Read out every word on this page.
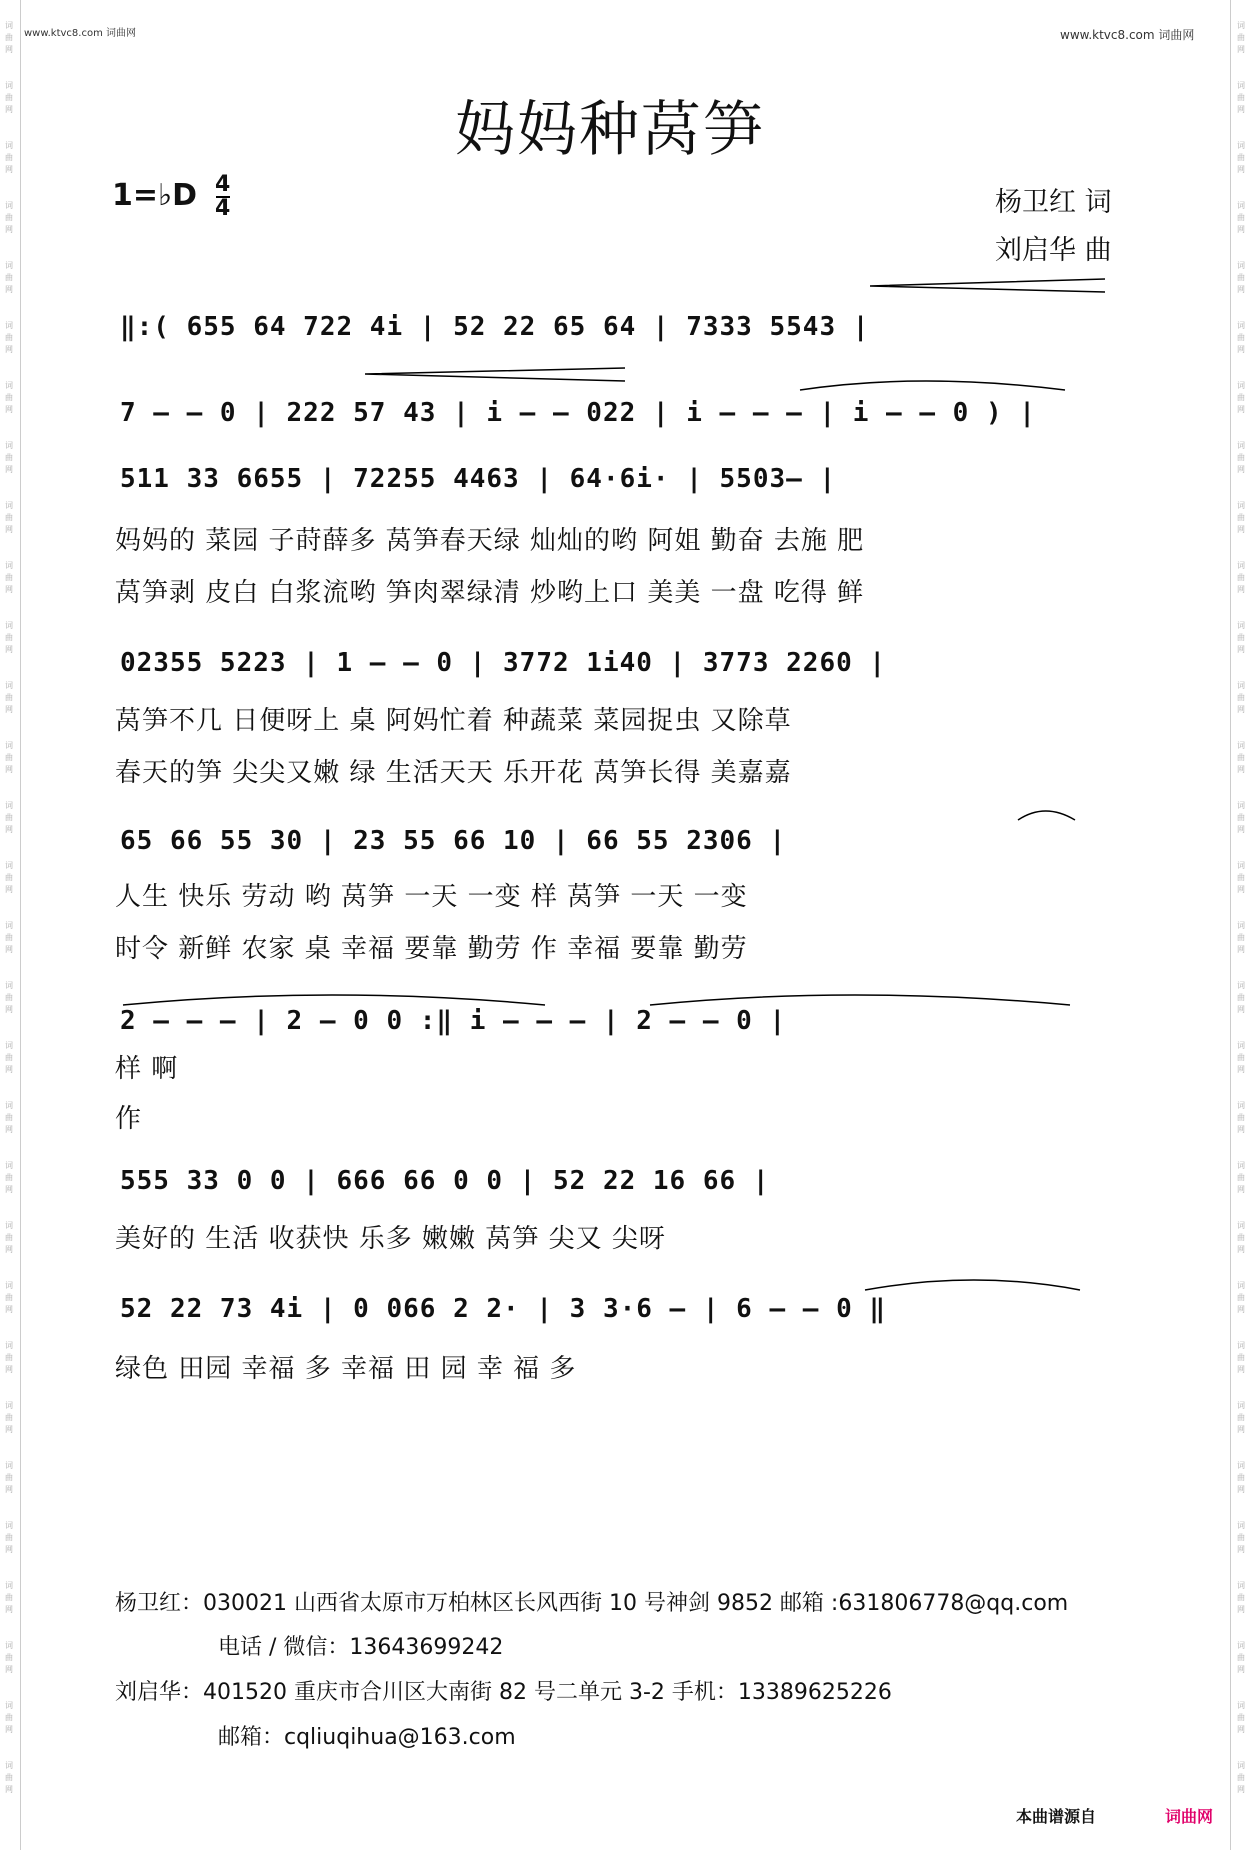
词曲网
词曲网
词曲网
词曲网
词曲网
词曲网
词曲网
词曲网
词曲网
词曲网
词曲网
词曲网
词曲网
词曲网
词曲网
词曲网
词曲网
词曲网
词曲网
词曲网
词曲网
词曲网
词曲网
词曲网
词曲网
词曲网
词曲网
词曲网
词曲网
词曲网
词曲网
词曲网
词曲网
词曲网
词曲网
词曲网
词曲网
词曲网
词曲网
词曲网
词曲网
词曲网
词曲网
词曲网
词曲网
词曲网
词曲网
词曲网
词曲网
词曲网
词曲网
词曲网
词曲网
词曲网
词曲网
词曲网
词曲网
词曲网
词曲网
词曲网
www.ktvc8.com 词曲网	www.ktvc8.com 词曲网
妈妈种莴笋
1=♭D 4
4	杨卫红 词
刘启华 曲
‖:( 655 64 722 4i | 52 22 65 64 | 7333 5543 |
7 – – 0 | 222 57 43 | i – – 022 | i – – – | i – – 0 ) |
511 33 6655 | 72255 4463 | 64·6i· | 5503– |
妈妈的 菜园 子莳薛多 莴笋春天绿 灿灿的哟 阿姐 勤奋 去施 肥
莴笋剥 皮白 白浆流哟 笋肉翠绿清 炒哟上口 美美 一盘 吃得 鲜
02355 5223 | 1 – – 0 | 3772 1i40 | 3773 2260 |
莴笋不几 日便呀上 桌 阿妈忙着 种蔬菜 菜园捉虫 又除草
春天的笋 尖尖又嫩 绿 生活天天 乐开花 莴笋长得 美嘉嘉
65 66 55 30 | 23 55 66 10 | 66 55 2306 |
人生 快乐 劳动 哟 莴笋 一天 一变 样 莴笋 一天 一变
时令 新鲜 农家 桌 幸福 要靠 勤劳 作 幸福 要靠 勤劳
2 – – – | 2 – 0 0 :‖ i – – – | 2 – – 0 |
样 啊
作
555 33 0 0 | 666 66 0 0 | 52 22 16 66 |
美好的 生活 收获快 乐多 嫩嫩 莴笋 尖又 尖呀
52 22 73 4i | 0 066 2 2· | 3 3·6 – | 6 – – 0 ‖
绿色 田园 幸福 多 幸福 田 园 幸 福 多
杨卫红：030021 山西省太原市万柏林区长风西街 10 号神剑 9852 邮箱 :631806778@qq.com
电话 / 微信：13643699242
刘启华：401520 重庆市合川区大南街 82 号二单元 3-2 手机：13389625226
邮箱：cqliuqihua@163.com
本曲谱源自	词曲网
